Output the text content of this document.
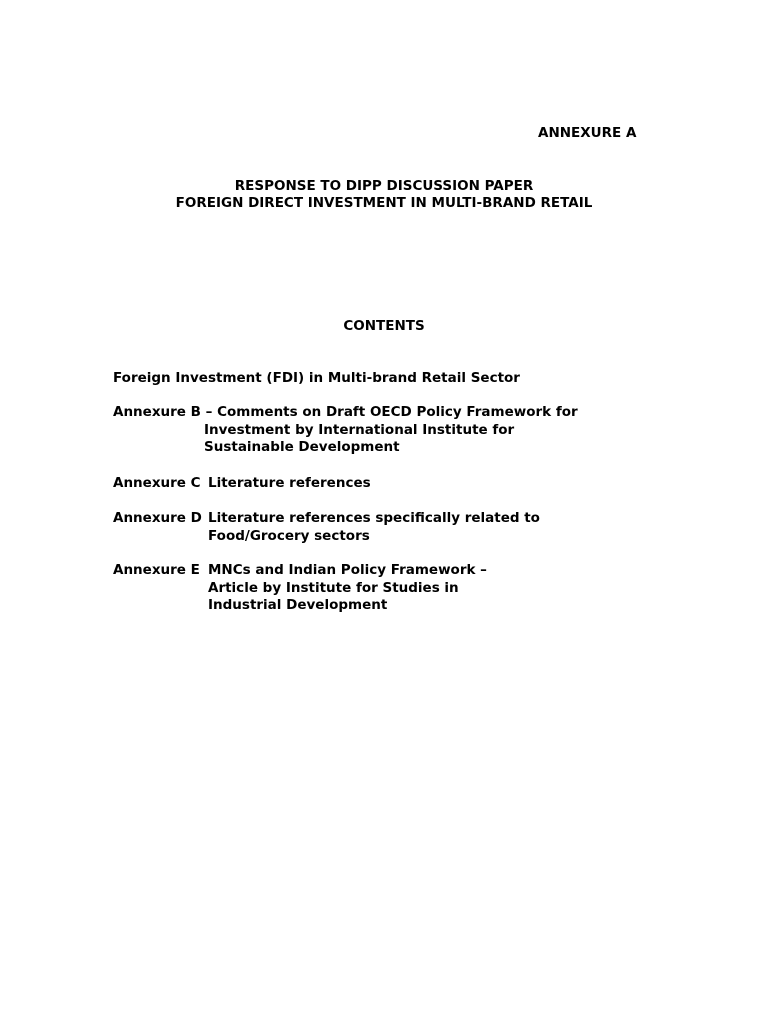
ANNEXURE A
RESPONSE TO DIPP DISCUSSION PAPER
FOREIGN DIRECT INVESTMENT IN MULTI-BRAND RETAIL
CONTENTS
Foreign Investment (FDI) in Multi-brand Retail Sector
Annexure B – Comments on Draft OECD Policy Framework for
Investment by International Institute for
Sustainable Development
Annexure C Literature references
Annexure D Literature references specifically related to
Food/Grocery sectors
Annexure E MNCs and Indian Policy Framework –
Article by Institute for Studies in
Industrial Development
